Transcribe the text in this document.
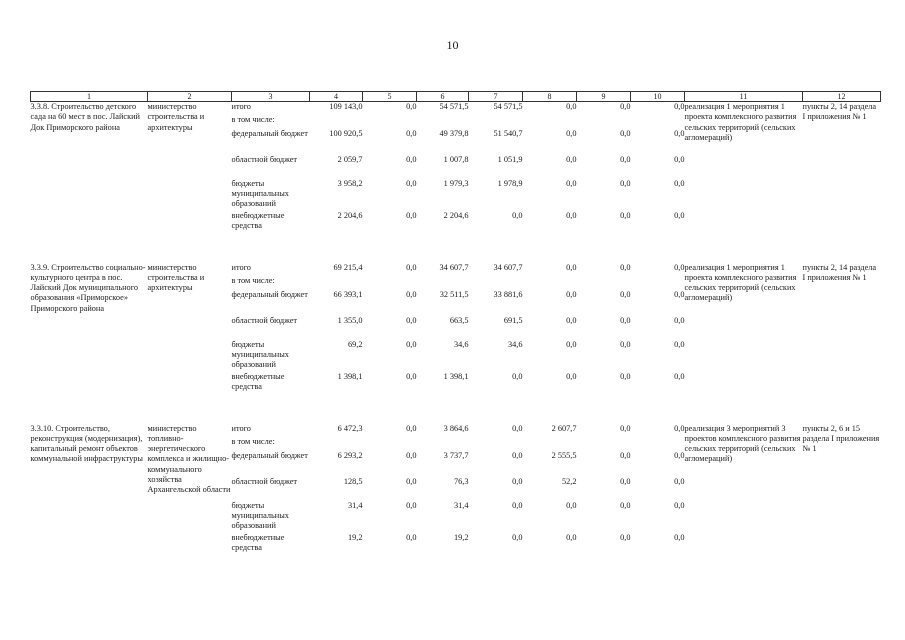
10
1	2	3	4	5	6	7	8	9	10	11	12
3.3.8. Строительство детского сада на 60 мест в пос. Лайский Док Приморского района	министерство строительства и архитектуры	итого	109 143,0	0,0	54 571,5	54 571,5	0,0	0,0	0,0	реализация 1 мероприятия 1 проекта комплексного развития сельских территорий (сельских агломераций)	пункты 2, 14 раздела I приложения № 1
		в том числе:									
		федеральный бюджет	100 920,5	0,0	49 379,8	51 540,7	0,0	0,0	0,0		
		областной бюджет	2 059,7	0,0	1 007,8	1 051,9	0,0	0,0	0,0		
		бюджеты муниципальных образований	3 958,2	0,0	1 979,3	1 978,9	0,0	0,0	0,0		
		внебюджетные средства	2 204,6	0,0	2 204,6	0,0	0,0	0,0	0,0		

3.3.9. Строительство социально-культурного центра в пос. Лайский Док муниципального образования «Приморское» Приморского района	министерство строительства и архитектуры	итого	69 215,4	0,0	34 607,7	34 607,7	0,0	0,0	0,0	реализация 1 мероприятия 1 проекта комплексного развития сельских территорий (сельских агломераций)	пункты 2, 14 раздела I приложения № 1
		в том числе:									
		федеральный бюджет	66 393,1	0,0	32 511,5	33 881,6	0,0	0,0	0,0		
		областной бюджет	1 355,0	0,0	663,5	691,5	0,0	0,0	0,0		
		бюджеты муниципальных образований	69,2	0,0	34,6	34,6	0,0	0,0	0,0		
		внебюджетные средства	1 398,1	0,0	1 398,1	0,0	0,0	0,0	0,0		

3.3.10. Строительство, реконструкция (модернизация), капитальный ремонт объектов коммунальной инфраструктуры	министерство топливно-энергетического комплекса и жилищно-коммунального хозяйства Архангельской области	итого	6 472,3	0,0	3 864,6	0,0	2 607,7	0,0	0,0	реализация 3 мероприятий 3 проектов комплексного развития сельских территорий (сельских агломераций)	пункты 2, 6 и 15 раздела I приложения № 1
		в том числе:									
		федеральный бюджет	6 293,2	0,0	3 737,7	0,0	2 555,5	0,0	0,0		
		областной бюджет	128,5	0,0	76,3	0,0	52,2	0,0	0,0		
		бюджеты муниципальных образований	31,4	0,0	31,4	0,0	0,0	0,0	0,0		
		внебюджетные средства	19,2	0,0	19,2	0,0	0,0	0,0	0,0		
